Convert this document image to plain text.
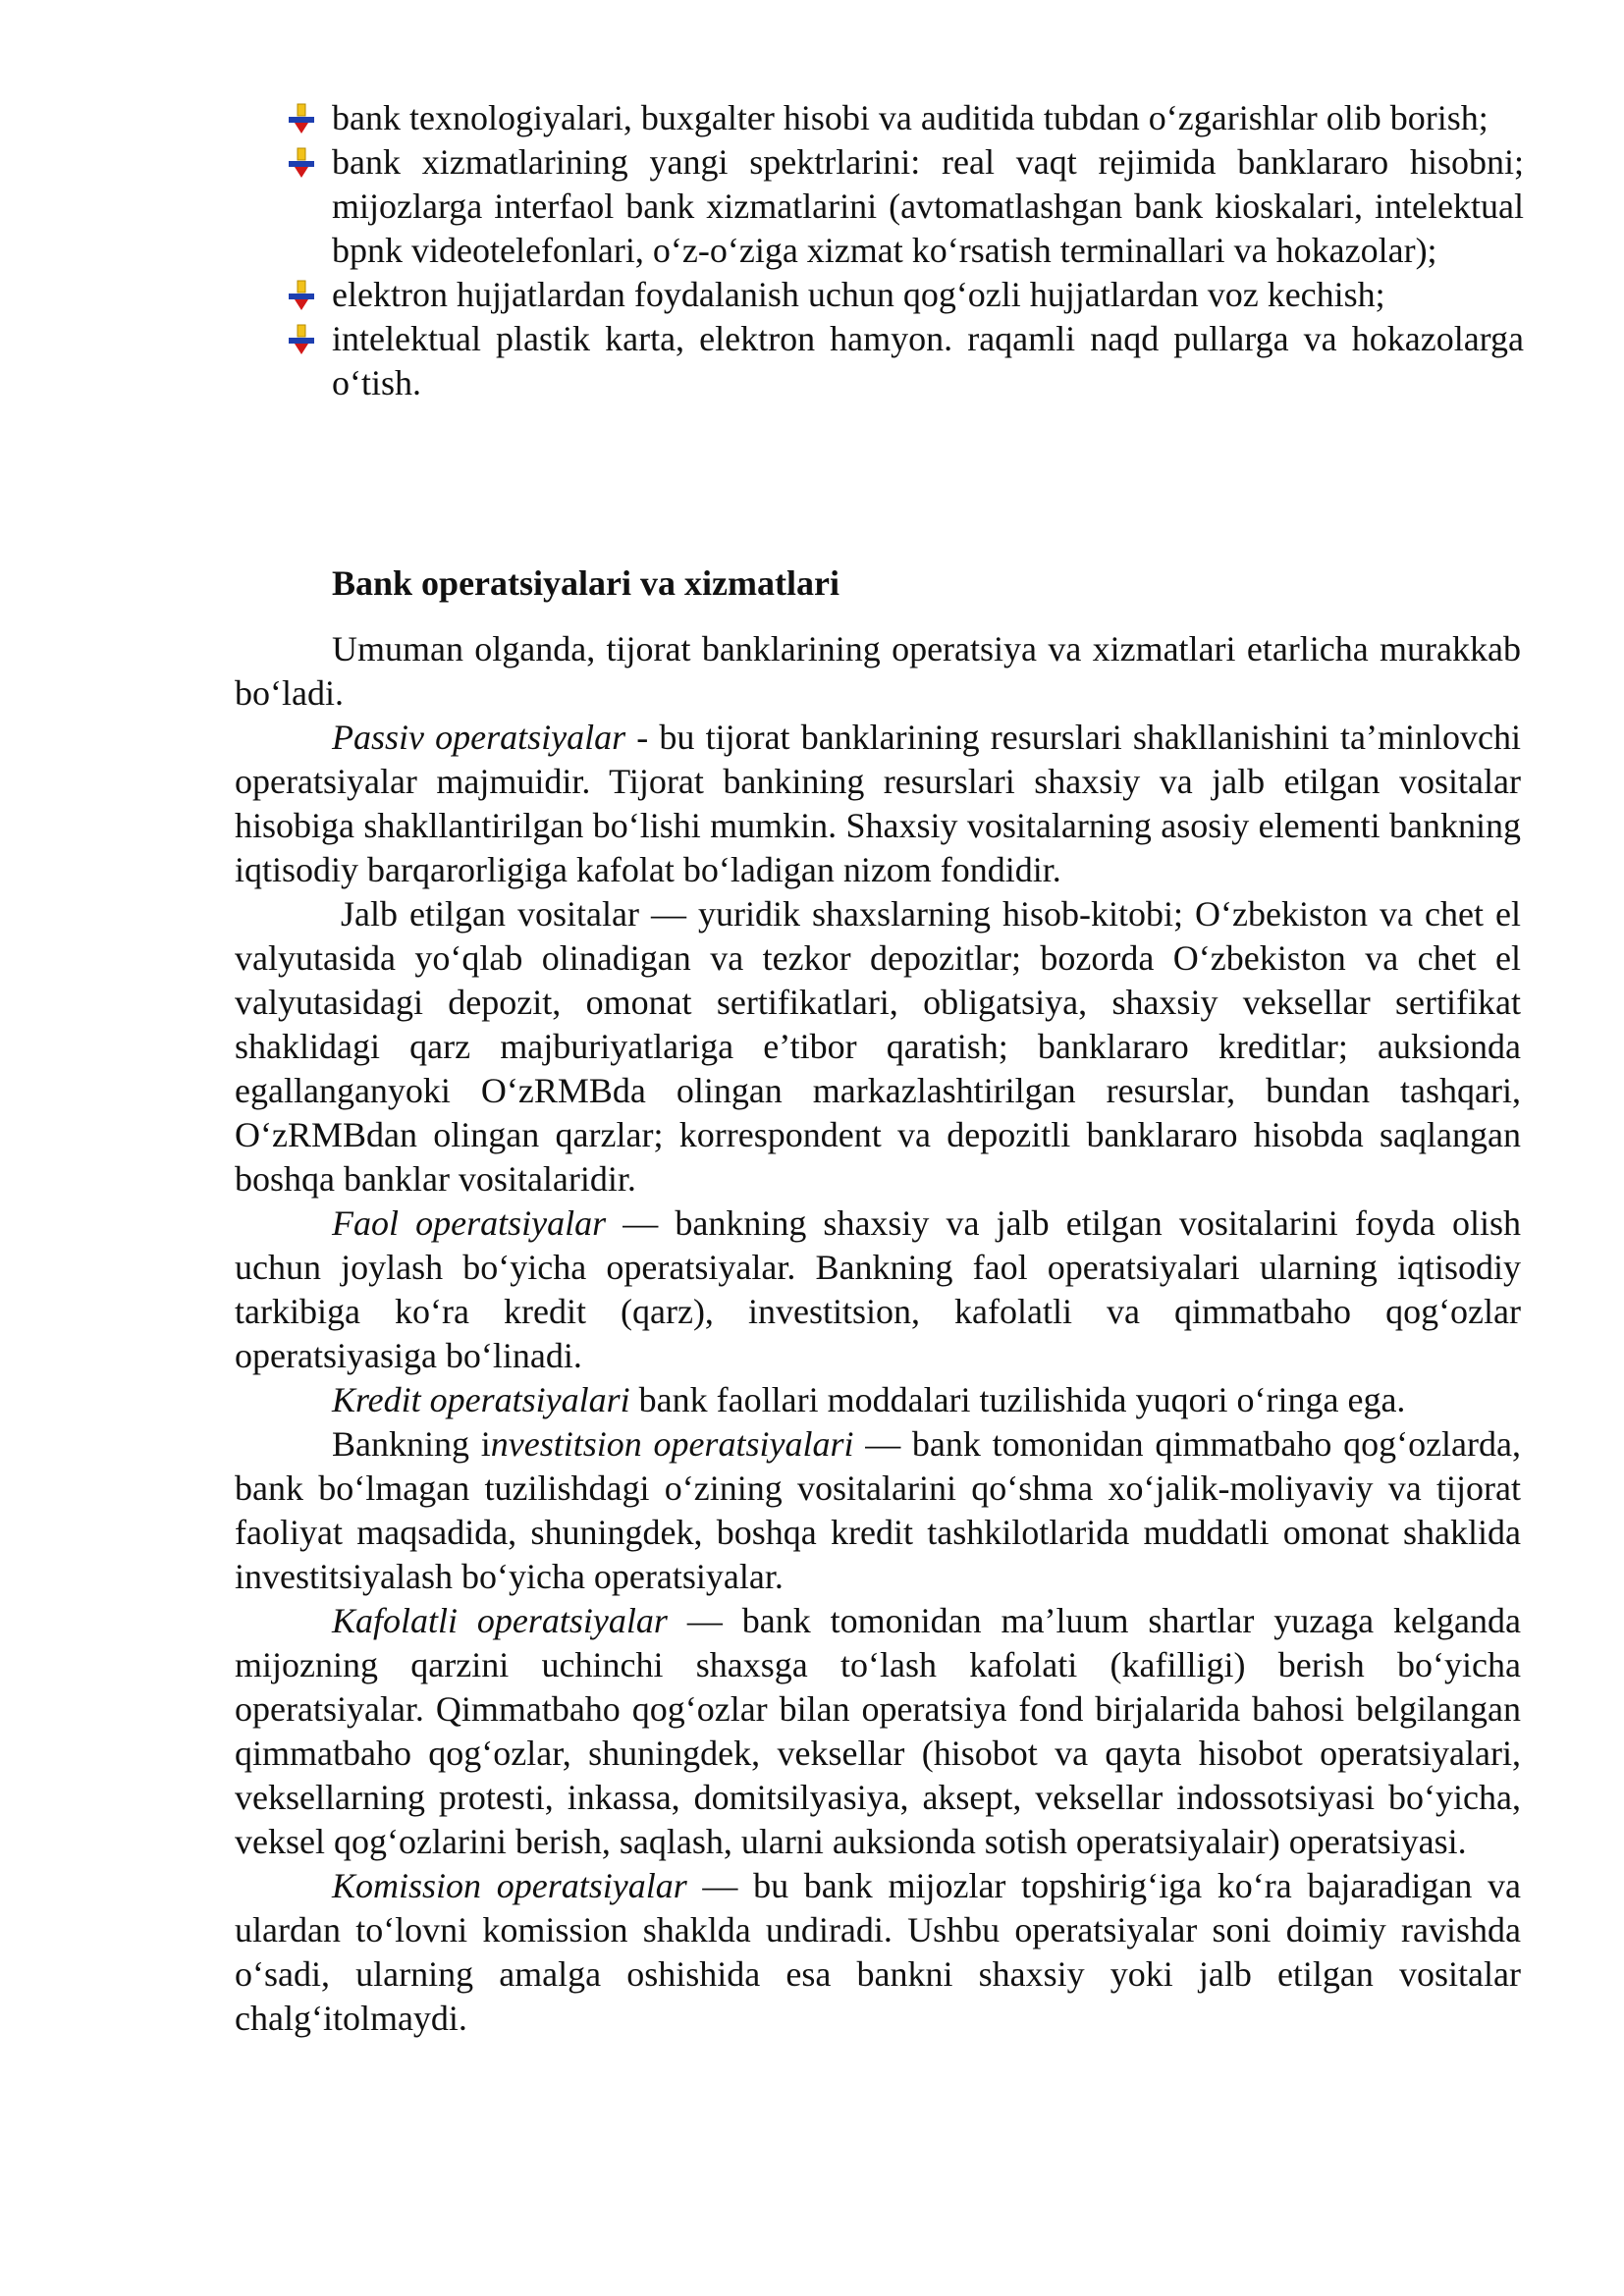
bank texnologiyalari, buxgalter hisobi va auditida tubdan o‘zgarishlar olib borish;
bank xizmatlarining yangi spektrlarini: real vaqt rejimida banklararo hisobni; mijozlarga interfaol bank xizmatlarini (avtomatlashgan bank kioskalari, intelektual bpnk videotelefonlari, o‘z-o‘ziga xizmat ko‘rsatish terminallari va hokazolar);
elektron hujjatlardan foydalanish uchun qog‘ozli hujjatlardan voz kechish;
intelektual plastik karta, elektron hamyon. raqamli naqd pullarga va hokazolarga o‘tish.
Bank operatsiyalari va xizmatlari

Umuman olganda, tijorat banklarining operatsiya va xizmatlari etarlicha murakkab bo‘ladi.

Passiv operatsiyalar - bu tijorat banklarining resurslari shakllanishini ta’minlovchi operatsiyalar majmuidir. Tijorat bankining resurslari shaxsiy va jalb etilgan vositalar hisobiga shakllantirilgan bo‘lishi mumkin. Shaxsiy vositalarning asosiy elementi bankning iqtisodiy barqarorligiga kafolat bo‘ladigan nizom fondidir.

Jalb etilgan vositalar — yuridik shaxslarning hisob-kitobi; O‘zbekiston va chet el valyutasida yo‘qlab olinadigan va tezkor depozitlar; bozorda O‘zbekiston va chet el valyutasidagi depozit, omonat sertifikatlari, obligatsiya, shaxsiy veksellar sertifikat shaklidagi qarz majburiyatlariga e’tibor qaratish; banklararo kreditlar; auksionda egallanganyoki O‘zRMBda olingan markazlashtirilgan resurslar, bundan tashqari, O‘zRMBdan olingan qarzlar; korrespondent va depozitli banklararo hisobda saqlangan boshqa banklar vositalaridir.

Faol operatsiyalar — bankning shaxsiy va jalb etilgan vositalarini foyda olish uchun joylash bo‘yicha operatsiyalar. Bankning faol operatsiyalari ularning iqtisodiy tarkibiga ko‘ra kredit (qarz), investitsion, kafolatli va qimmatbaho qog‘ozlar operatsiyasiga bo‘linadi.

Kredit operatsiyalari bank faollari moddalari tuzilishida yuqori o‘ringa ega.

Bankning investitsion operatsiyalari — bank tomonidan qimmatbaho qog‘ozlarda, bank bo‘lmagan tuzilishdagi o‘zining vositalarini qo‘shma xo‘jalik-moliyaviy va tijorat faoliyat maqsadida, shuningdek, boshqa kredit tashkilotlarida muddatli omonat shaklida investitsiyalash bo‘yicha operatsiyalar.

Kafolatli operatsiyalar — bank tomonidan ma’luum shartlar yuzaga kelganda mijozning qarzini uchinchi shaxsga to‘lash kafolati (kafilligi) berish bo‘yicha operatsiyalar. Qimmatbaho qog‘ozlar bilan operatsiya fond birjalarida bahosi belgilangan qimmatbaho qog‘ozlar, shuningdek, veksellar (hisobot va qayta hisobot operatsiyalari, veksellarning protesti, inkassa, domitsilyasiya, aksept, veksellar indossotsiyasi bo‘yicha, veksel qog‘ozlarini berish, saqlash, ularni auksionda sotish operatsiyalair) operatsiyasi.

Komission operatsiyalar — bu bank mijozlar topshirig‘iga ko‘ra bajaradigan va ulardan to‘lovni komission shaklda undiradi. Ushbu operatsiyalar soni doimiy ravishda o‘sadi, ularning amalga oshishida esa bankni shaxsiy yoki jalb etilgan vositalar chalg‘itolmaydi.
